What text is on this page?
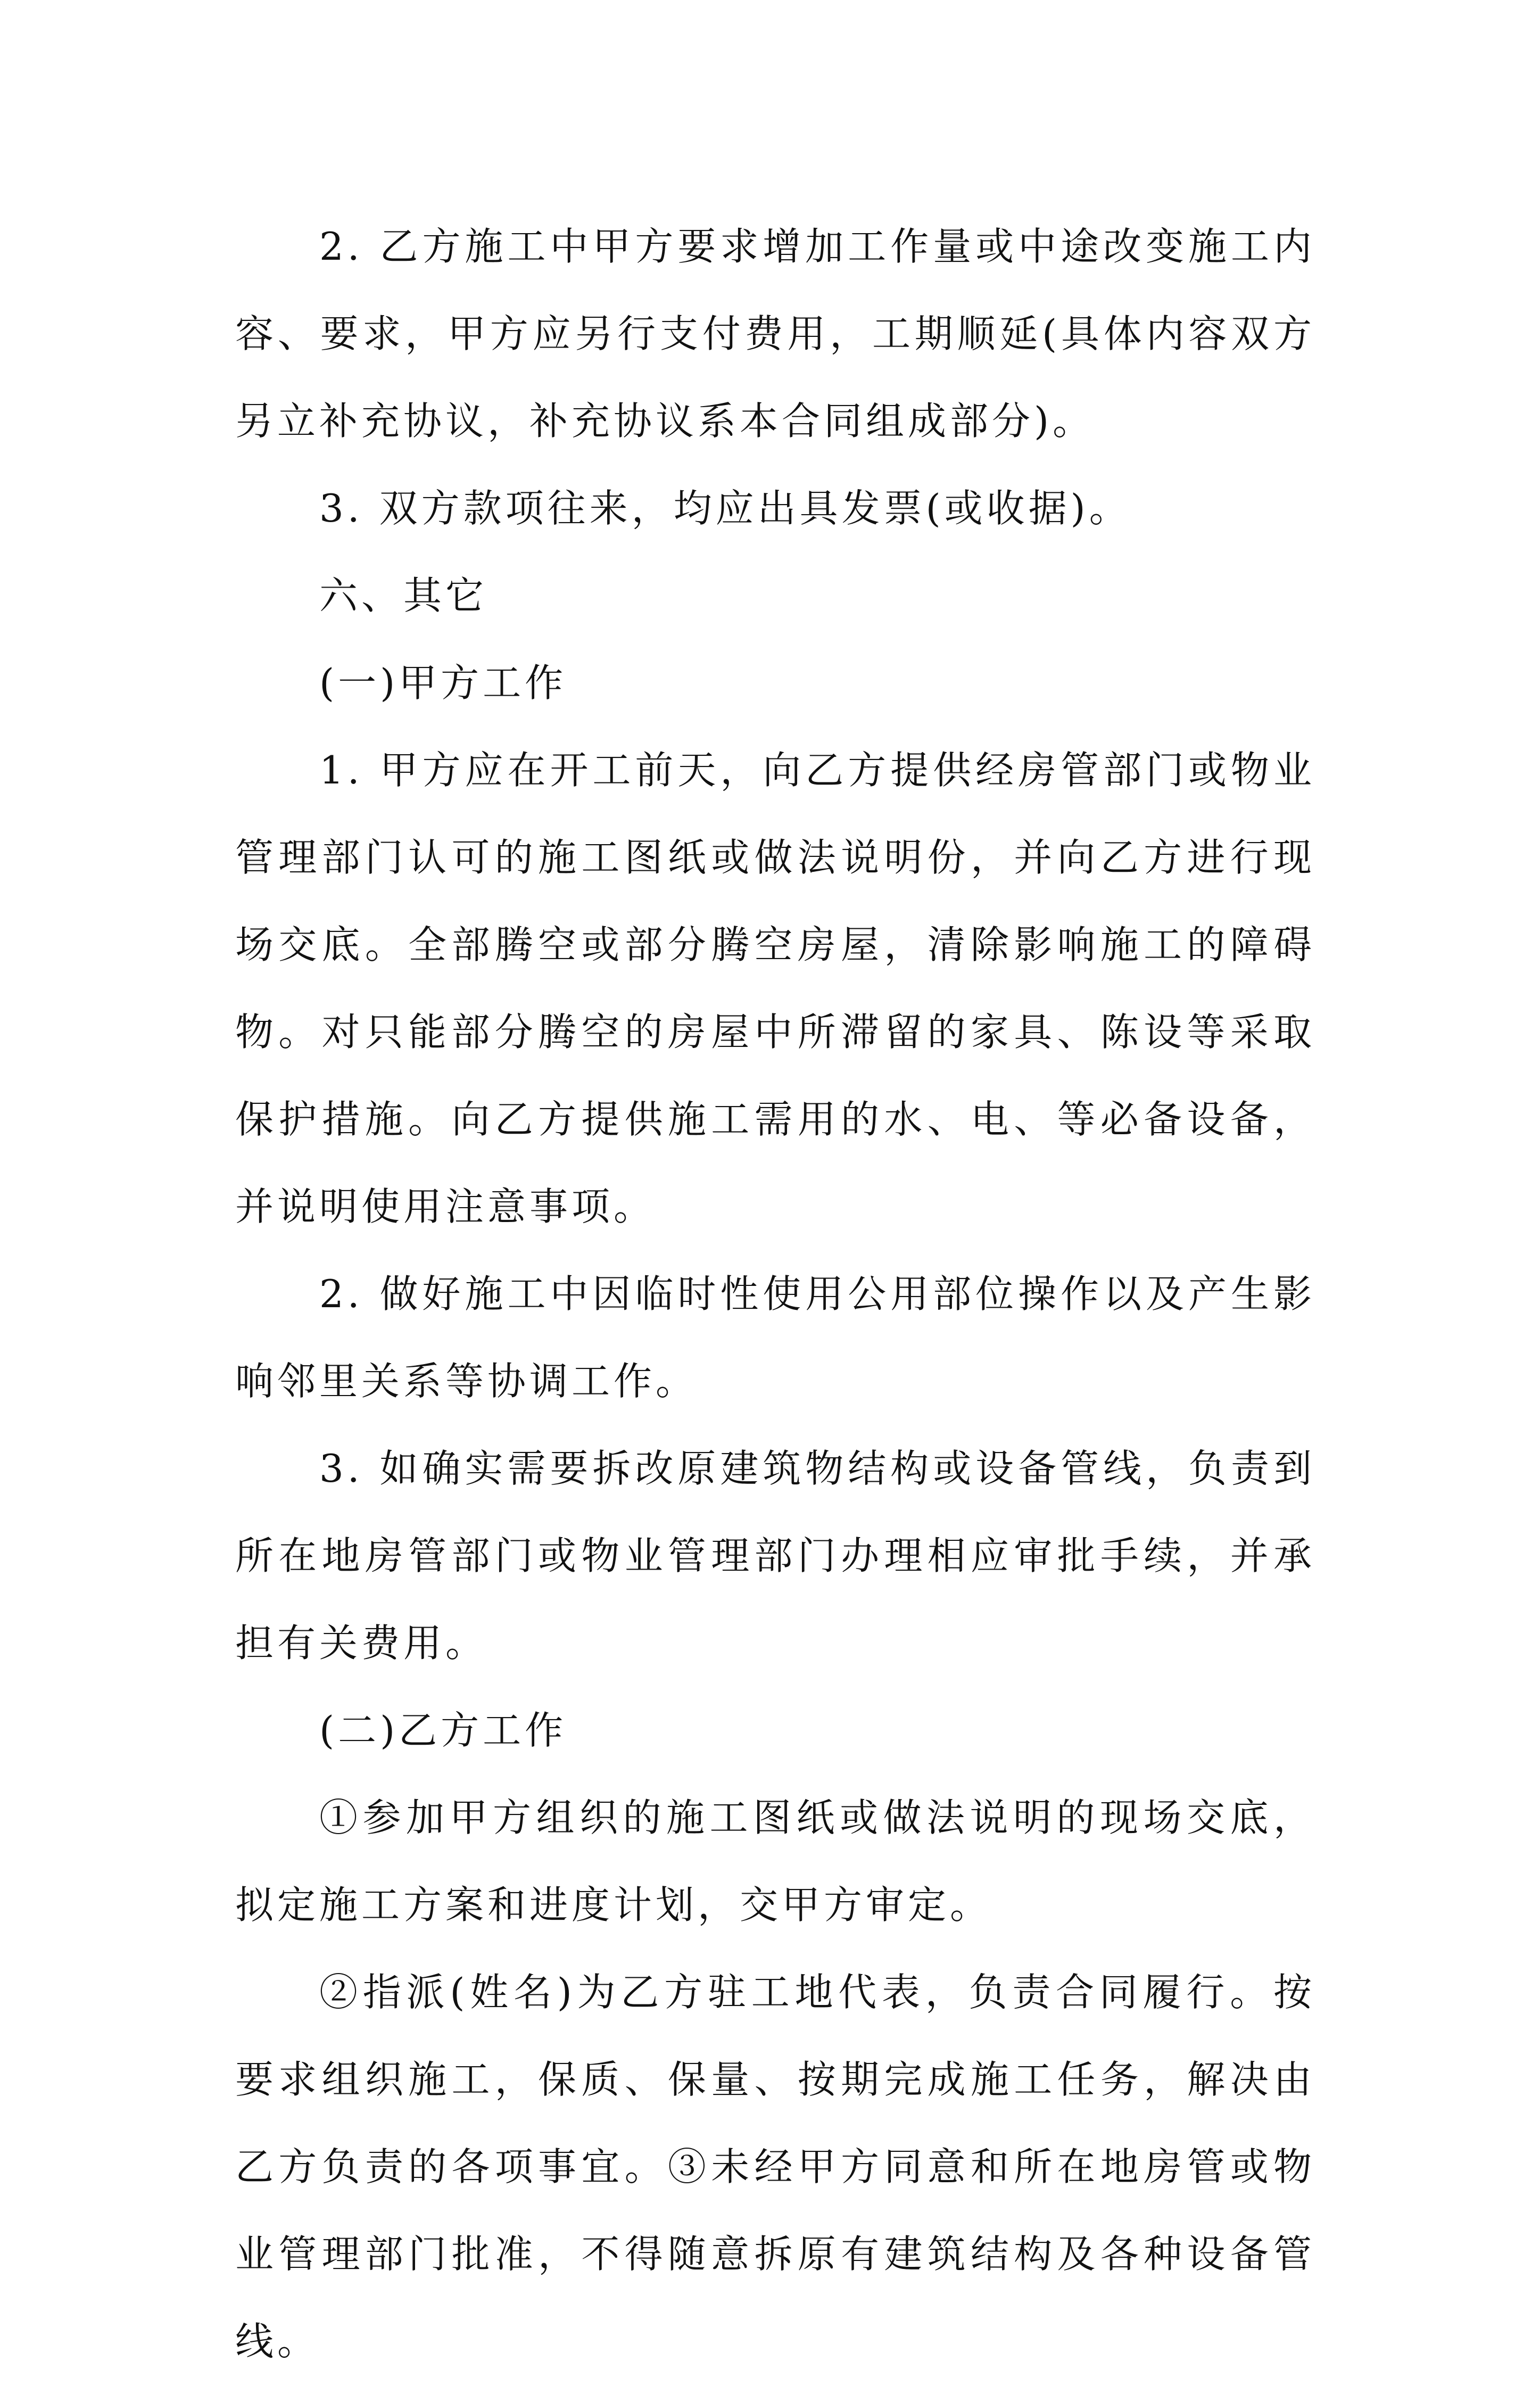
2. 乙方施工中甲方要求增加工作量或中途改变施工内容、要求，甲方应另行支付费用，工期顺延(具体内容双方另立补充协议，补充协议系本合同组成部分)。

3. 双方款项往来，均应出具发票(或收据)。

六、其它

(一)甲方工作

1. 甲方应在开工前天，向乙方提供经房管部门或物业管理部门认可的施工图纸或做法说明份，并向乙方进行现场交底。全部腾空或部分腾空房屋，清除影响施工的障碍物。对只能部分腾空的房屋中所滞留的家具、陈设等采取保护措施。向乙方提供施工需用的水、电、等必备设备，并说明使用注意事项。

2. 做好施工中因临时性使用公用部位操作以及产生影响邻里关系等协调工作。

3. 如确实需要拆改原建筑物结构或设备管线，负责到所在地房管部门或物业管理部门办理相应审批手续，并承担有关费用。

(二)乙方工作

①参加甲方组织的施工图纸或做法说明的现场交底，拟定施工方案和进度计划，交甲方审定。

②指派(姓名)为乙方驻工地代表，负责合同履行。按要求组织施工，保质、保量、按期完成施工任务，解决由乙方负责的各项事宜。③未经甲方同意和所在地房管或物业管理部门批准，不得随意拆原有建筑结构及各种设备管线。
